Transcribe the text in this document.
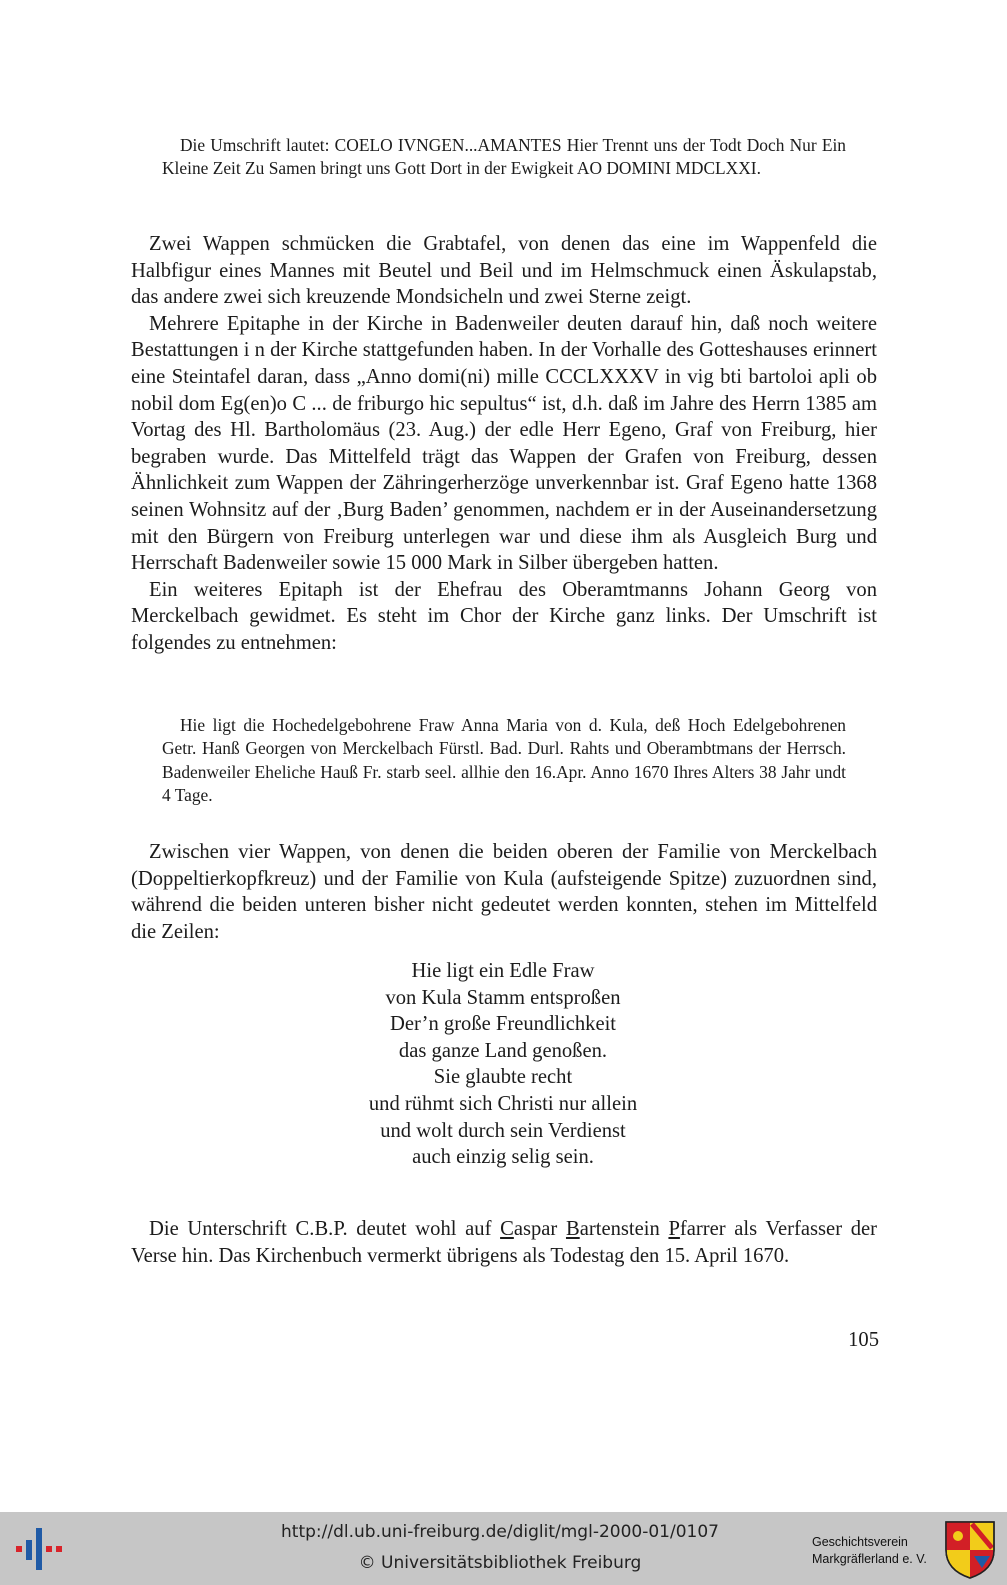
Die Umschrift lautet: COELO IVNGEN...AMANTES Hier Trennt uns der Todt Doch Nur Ein Kleine Zeit Zu Samen bringt uns Gott Dort in der Ewigkeit AO DOMINI MDCLXXI.

Zwei Wappen schmücken die Grabtafel, von denen das eine im Wappenfeld die Halbfigur eines Mannes mit Beutel und Beil und im Helmschmuck einen Äskulapstab, das andere zwei sich kreuzende Mondsicheln und zwei Sterne zeigt.

Mehrere Epitaphe in der Kirche in Badenweiler deuten darauf hin, daß noch weitere Bestattungen i n der Kirche stattgefunden haben. In der Vorhalle des Gotteshauses erinnert eine Steintafel daran, dass „Anno domi(ni) mille CCCLXXXV in vig bti bartoloi apli ob nobil dom Eg(en)o C ... de friburgo hic sepultus“ ist, d.h. daß im Jahre des Herrn 1385 am Vortag des Hl. Bartholomäus (23. Aug.) der edle Herr Egeno, Graf von Freiburg, hier begraben wurde. Das Mittelfeld trägt das Wappen der Grafen von Freiburg, dessen Ähnlichkeit zum Wappen der Zähringerherzöge unverkennbar ist. Graf Egeno hatte 1368 seinen Wohnsitz auf der ‚Burg Baden’ genommen, nachdem er in der Auseinandersetzung mit den Bürgern von Freiburg unterlegen war und diese ihm als Ausgleich Burg und Herrschaft Badenweiler sowie 15 000 Mark in Silber übergeben hatten.

Ein weiteres Epitaph ist der Ehefrau des Oberamtmanns Johann Georg von Merckelbach gewidmet. Es steht im Chor der Kirche ganz links. Der Umschrift ist folgendes zu entnehmen:

Hie ligt die Hochedelgebohrene Fraw Anna Maria von d. Kula, deß Hoch Edelgebohrenen Getr. Hanß Georgen von Merckelbach Fürstl. Bad. Durl. Rahts und Oberambtmans der Herrsch. Badenweiler Eheliche Hauß Fr. starb seel. allhie den 16.Apr. Anno 1670 Ihres Alters 38 Jahr undt 4 Tage.

Zwischen vier Wappen, von denen die beiden oberen der Familie von Merckelbach (Doppeltierkopfkreuz) und der Familie von Kula (aufsteigende Spitze) zuzuordnen sind, während die beiden unteren bisher nicht gedeutet werden konnten, stehen im Mittelfeld die Zeilen:

Hie ligt ein Edle Fraw
von Kula Stamm entsproßen
Der’n große Freundlichkeit
das ganze Land genoßen.
Sie glaubte recht
und rühmt sich Christi nur allein
und wolt durch sein Verdienst
auch einzig selig sein.

Die Unterschrift C.B.P. deutet wohl auf Caspar Bartenstein Pfarrer als Verfasser der Verse hin. Das Kirchenbuch vermerkt übrigens als Todestag den 15. April 1670.

105
http://dl.ub.uni-freiburg.de/diglit/mgl-2000-01/0107
© Universitätsbibliothek Freiburg
Geschichtsverein
Markgräflerland e. V.
